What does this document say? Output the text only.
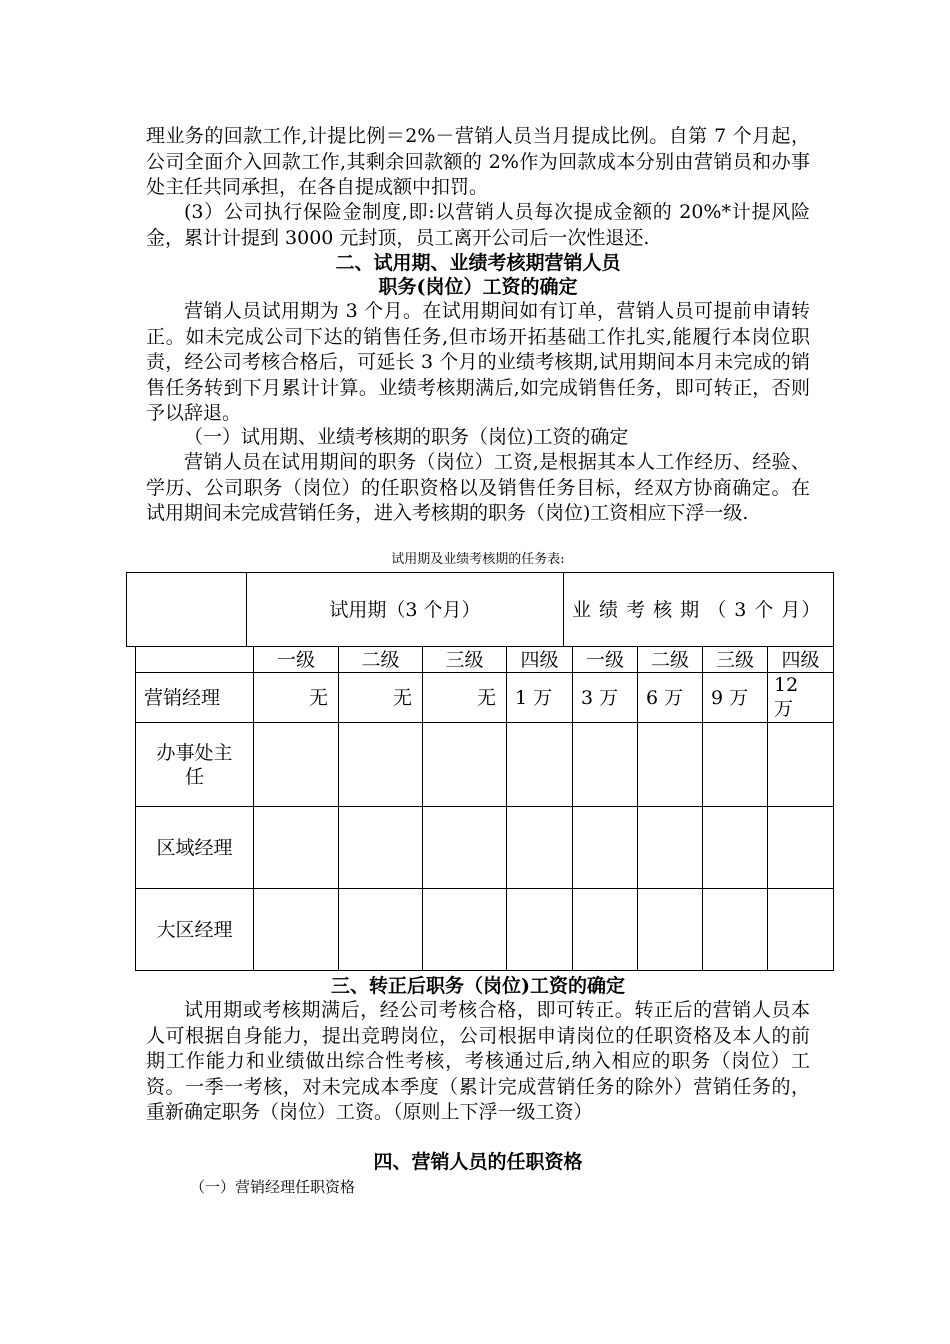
理业务的回款工作,计提比例＝2%－营销人员当月提成比例。自第 7 个月起，公司全面介入回款工作,其剩余回款额的 2%作为回款成本分别由营销员和办事处主任共同承担，在各自提成额中扣罚。

(3）公司执行保险金制度,即:以营销人员每次提成金额的 20%*计提风险金，累计计提到 3000 元封顶，员工离开公司后一次性退还.

二、试用期、业绩考核期营销人员

职务(岗位）工资的确定

营销人员试用期为 3 个月。在试用期间如有订单，营销人员可提前申请转正。如未完成公司下达的销售任务,但市场开拓基础工作扎实,能履行本岗位职责，经公司考核合格后，可延长 3 个月的业绩考核期,试用期间本月未完成的销售任务转到下月累计计算。业绩考核期满后,如完成销售任务，即可转正，否则予以辞退。

（一）试用期、业绩考核期的职务（岗位)工资的确定

营销人员在试用期间的职务（岗位）工资,是根据其本人工作经历、经验、学历、公司职务（岗位）的任职资格以及销售任务目标，经双方协商确定。在试用期间未完成营销任务，进入考核期的职务（岗位)工资相应下浮一级.

试用期及业绩考核期的任务表:
	试用期（3 个月）	业 绩 考 核 期 （ 3 个 月）
	一级	二级	三级	四级	一级	二级	三级	四级
营销经理	无	无	无	1 万	3 万	6 万	9 万	12 万
办事处主任								
区域经理								
大区经理								

三、转正后职务（岗位)工资的确定

试用期或考核期满后，经公司考核合格，即可转正。转正后的营销人员本人可根据自身能力，提出竞聘岗位，公司根据申请岗位的任职资格及本人的前期工作能力和业绩做出综合性考核，考核通过后,纳入相应的职务（岗位）工资。一季一考核，对未完成本季度（累计完成营销任务的除外）营销任务的，重新确定职务（岗位）工资。（原则上下浮一级工资）

四、营销人员的任职资格

（一）营销经理任职资格
